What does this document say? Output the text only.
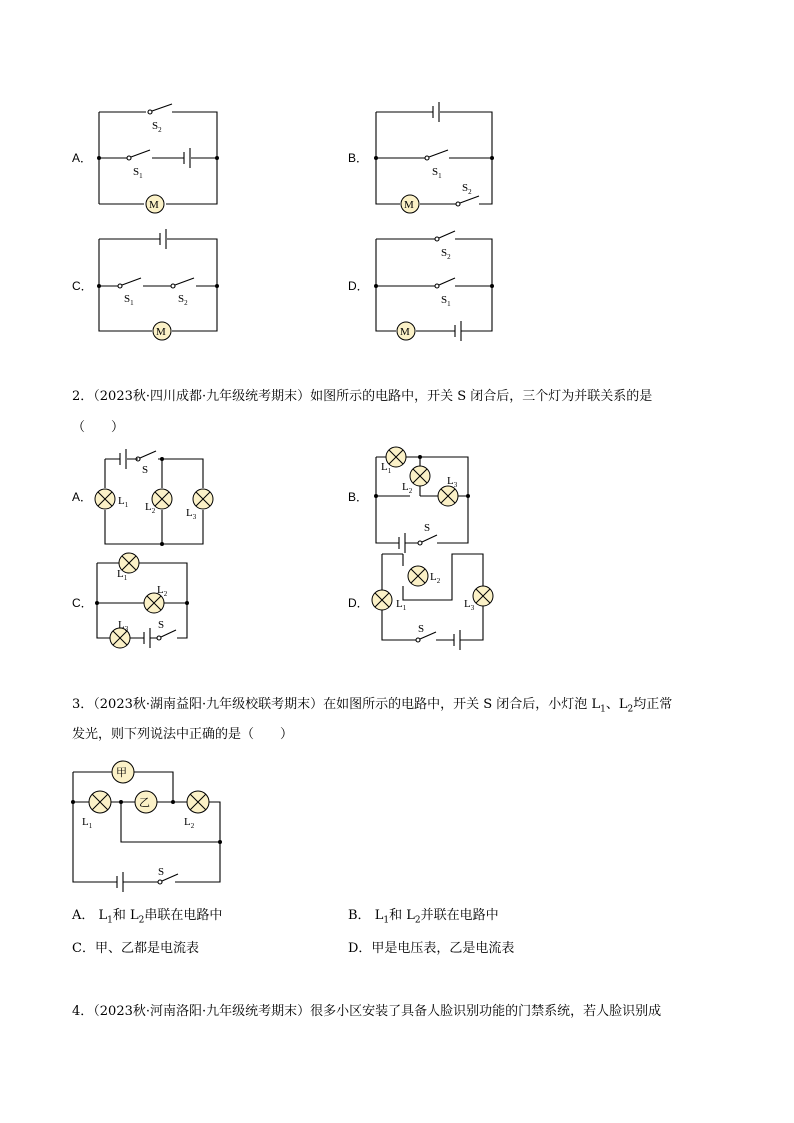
A．	B．
C．	D．
$S_2$
$S_1$
M
$S_1$
$S_2$
M
$S_1$	$S_2$
M
$S_2$
$S_1$
M
2．（2023秋·四川成都·九年级统考期末）如图所示的电路中，开关 S 闭合后，三个灯为并联关系的是
（　　）
A．	B．
C．	D．
S
$L_1$ $L_2$	$L_3$
$L_1$
$L_2$
$L_3$
S
$L_1$
$L_2$
$L_3$	S
$L_1$
$L_2$
$L_3$
S
3．（2023秋·湖南益阳·九年级校联考期末）在如图所示的电路中，开关 S 闭合后，小灯泡 $L_1$、$L_2$均正常
发光，则下列说法中正确的是（　　）
甲
$L_1$
乙
$L_2$
S
A． $L_1$和 $L_2$串联在电路中	B． $L_1$和 $L_2$并联在电路中
C．甲、乙都是电流表	D．甲是电压表，乙是电流表
4．（2023秋·河南洛阳·九年级统考期末）很多小区安装了具备人脸识别功能的门禁系统，若人脸识别成
